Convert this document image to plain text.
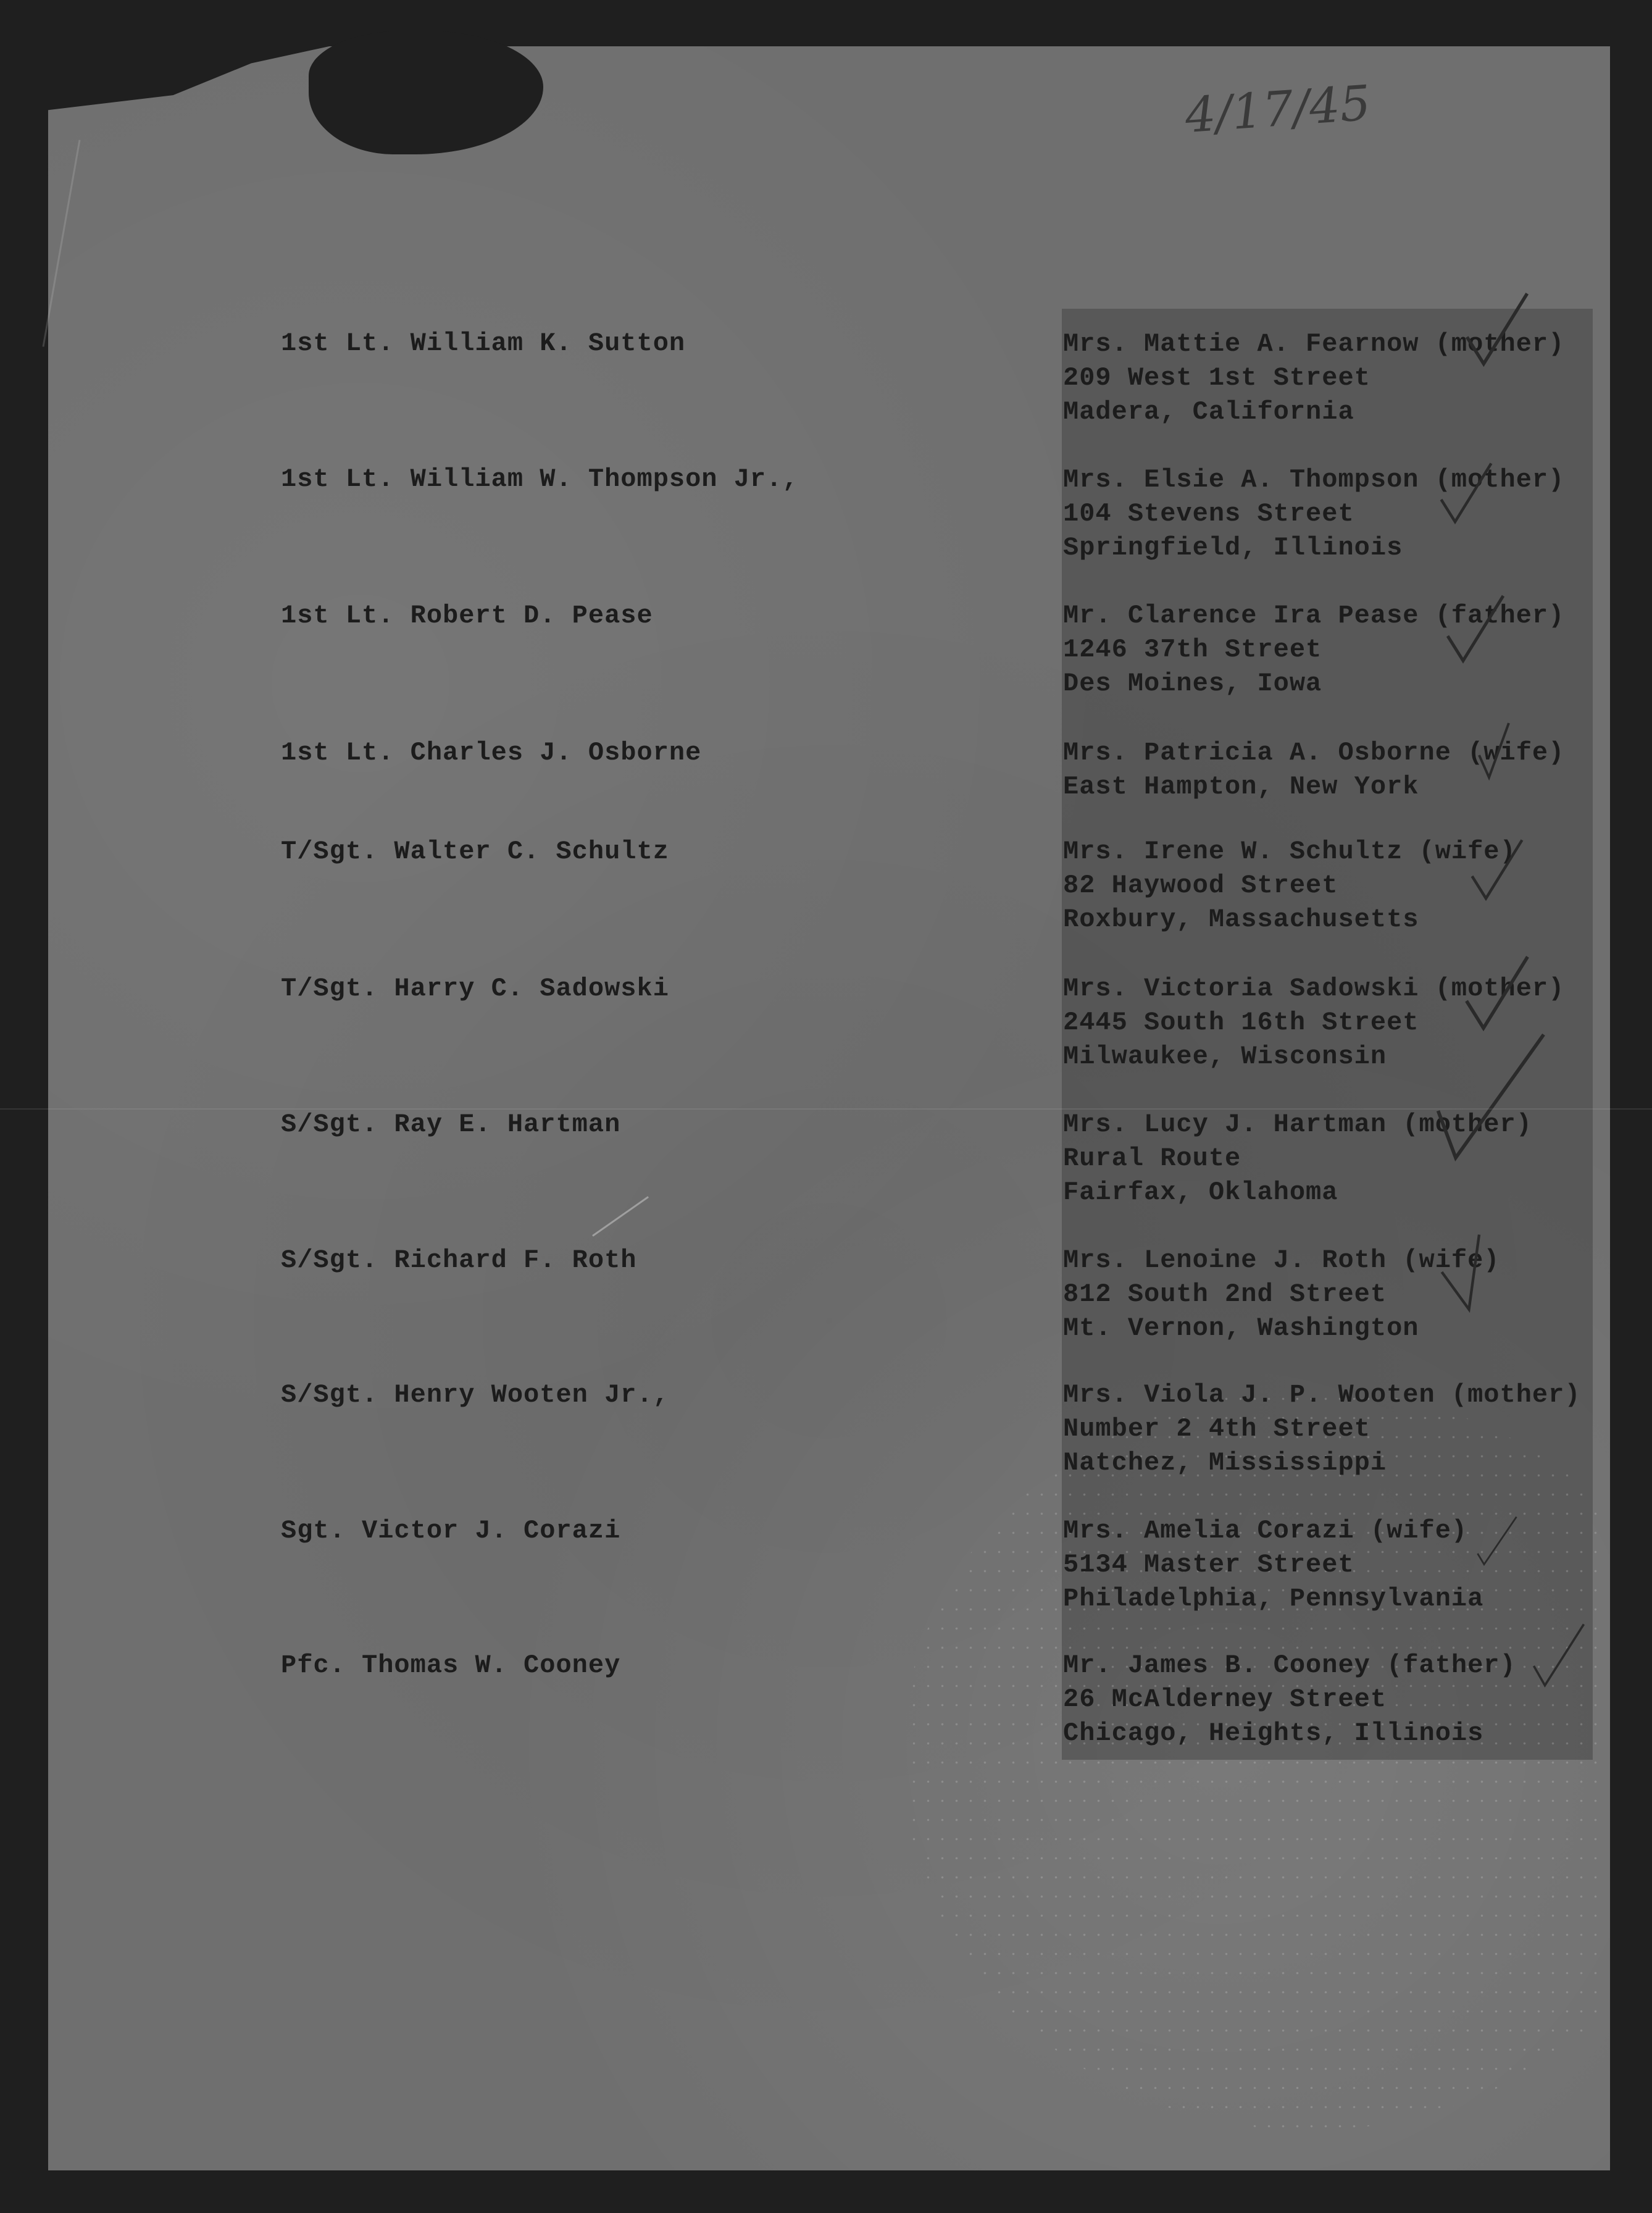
4/17/45
1st Lt. William K. Sutton	Mrs. Mattie A. Fearnow (mother)
209 West 1st Street
Madera, California
1st Lt. William W. Thompson Jr.,	Mrs. Elsie A. Thompson (mother)
104 Stevens Street
Springfield, Illinois
1st Lt. Robert D. Pease	Mr. Clarence Ira Pease (father)
1246 37th Street
Des Moines, Iowa
1st Lt. Charles J. Osborne	Mrs. Patricia A. Osborne (wife)
East Hampton, New York
T/Sgt. Walter C. Schultz	Mrs. Irene W. Schultz (wife)
82 Haywood Street
Roxbury, Massachusetts
T/Sgt. Harry C. Sadowski	Mrs. Victoria Sadowski (mother)
2445 South 16th Street
Milwaukee, Wisconsin
S/Sgt. Ray E. Hartman	Mrs. Lucy J. Hartman (mother)
Rural Route
Fairfax, Oklahoma
S/Sgt. Richard F. Roth	Mrs. Lenoine J. Roth (wife)
812 South 2nd Street
Mt. Vernon, Washington
S/Sgt. Henry Wooten Jr.,	Mrs. Viola J. P. Wooten (mother)
Number 2 4th Street
Natchez, Mississippi
Sgt. Victor J. Corazi	Mrs. Amelia Corazi (wife)
5134 Master Street
Philadelphia, Pennsylvania
Pfc. Thomas W. Cooney	Mr. James B. Cooney (father)
26 McAlderney Street
Chicago, Heights, Illinois
